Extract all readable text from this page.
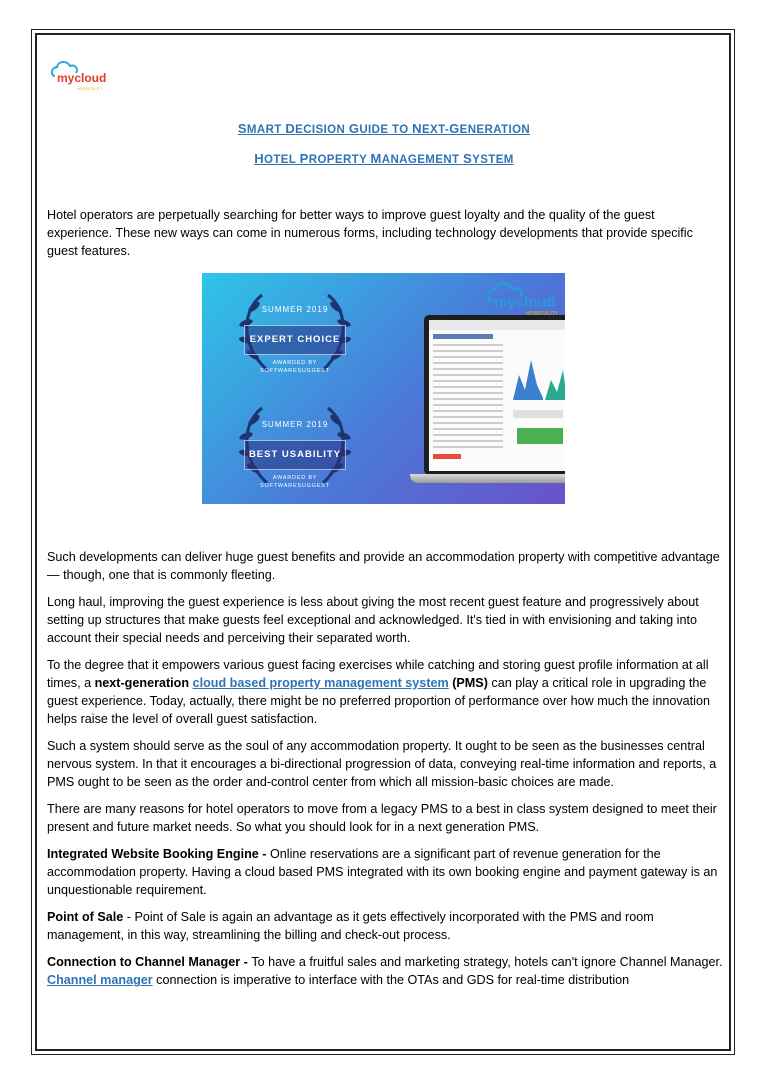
mycloud
HOSPITALITY
SMART DECISION GUIDE TO NEXT-GENERATION
HOTEL PROPERTY MANAGEMENT SYSTEM

Hotel operators are perpetually searching for better ways to improve guest loyalty and the quality of the guest experience. These new ways can come in numerous forms, including technology developments that provide specific guest features.

SUMMER 2019
EXPERT CHOICE
AWARDED BY
SOFTWARESUGGEST
SUMMER 2019
BEST USABILITY
AWARDED BY
SOFTWARESUGGEST
mycloud
HOSPITALITY

Such developments can deliver huge guest benefits and provide an accommodation property with competitive advantage— though, one that is commonly fleeting.

Long haul, improving the guest experience is less about giving the most recent guest feature and progressively about setting up structures that make guests feel exceptional and acknowledged. It's tied in with envisioning and taking into account their special needs and perceiving their separated worth.

To the degree that it empowers various guest facing exercises while catching and storing guest profile information at all times, a next-generation cloud based property management system (PMS) can play a critical role in upgrading the guest experience. Today, actually, there might be no preferred proportion of performance over how much the innovation helps raise the level of overall guest satisfaction.

Such a system should serve as the soul of any accommodation property. It ought to be seen as the businesses central nervous system. In that it encourages a bi-directional progression of data, conveying real-time information and reports, a PMS ought to be seen as the order and-control center from which all mission-basic choices are made.

There are many reasons for hotel operators to move from a legacy PMS to a best in class system designed to meet their present and future market needs. So what you should look for in a next generation PMS.

Integrated Website Booking Engine - Online reservations are a significant part of revenue generation for the accommodation property. Having a cloud based PMS integrated with its own booking engine and payment gateway is an unquestionable requirement.

Point of Sale - Point of Sale is again an advantage as it gets effectively incorporated with the PMS and room management, in this way, streamlining the billing and check-out process.

Connection to Channel Manager - To have a fruitful sales and marketing strategy, hotels can't ignore Channel Manager. Channel manager connection is imperative to interface with the OTAs and GDS for real-time distribution
